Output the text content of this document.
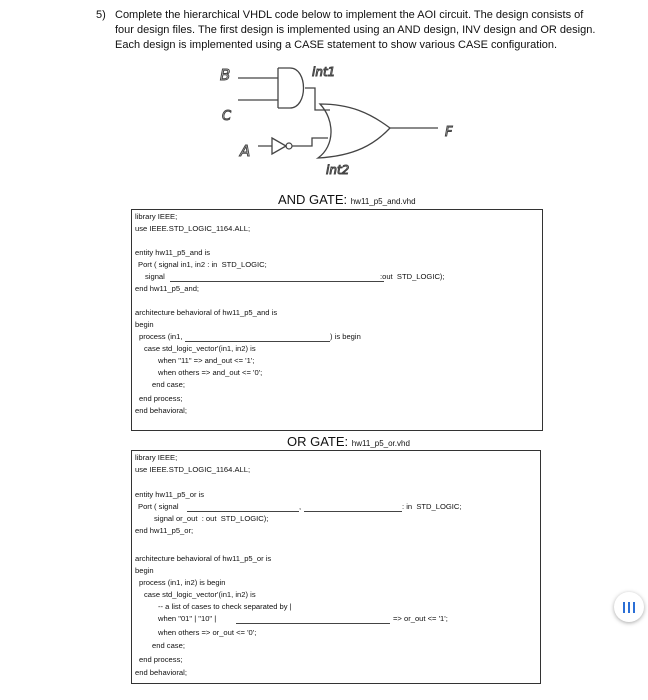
5) Complete the hierarchical VHDL code below to implement the AOI circuit. The design consists of four design files. The first design is implemented using an AND design, INV design and OR design. Each design is implemented using a CASE statement to show various CASE configuration.
B
C
A
int1
int2
F
AND GATE: hw11_p5_and.vhd
library IEEE;
use IEEE.STD_LOGIC_1164.ALL;
entity hw11_p5_and is
Port ( signal in1, in2 : in  STD_LOGIC;
signal	:out  STD_LOGIC);
end hw11_p5_and;
architecture behavioral of hw11_p5_and is
begin
process (in1,	) is begin
case std_logic_vector'(in1, in2) is
when "11" => and_out <= '1';
when others => and_out <= '0';
end case;
end process;
end behavioral;
OR GATE: hw11_p5_or.vhd
library IEEE;
use IEEE.STD_LOGIC_1164.ALL;
entity hw11_p5_or is
Port ( signal	,	: in  STD_LOGIC;
signal or_out  : out  STD_LOGIC);
end hw11_p5_or;
architecture behavioral of hw11_p5_or is
begin
process (in1, in2) is begin
case std_logic_vector'(in1, in2) is
-- a list of cases to check separated by |
when "01" | "10" |	=> or_out <= '1';
when others => or_out <= '0';
end case;
end process;
end behavioral;
